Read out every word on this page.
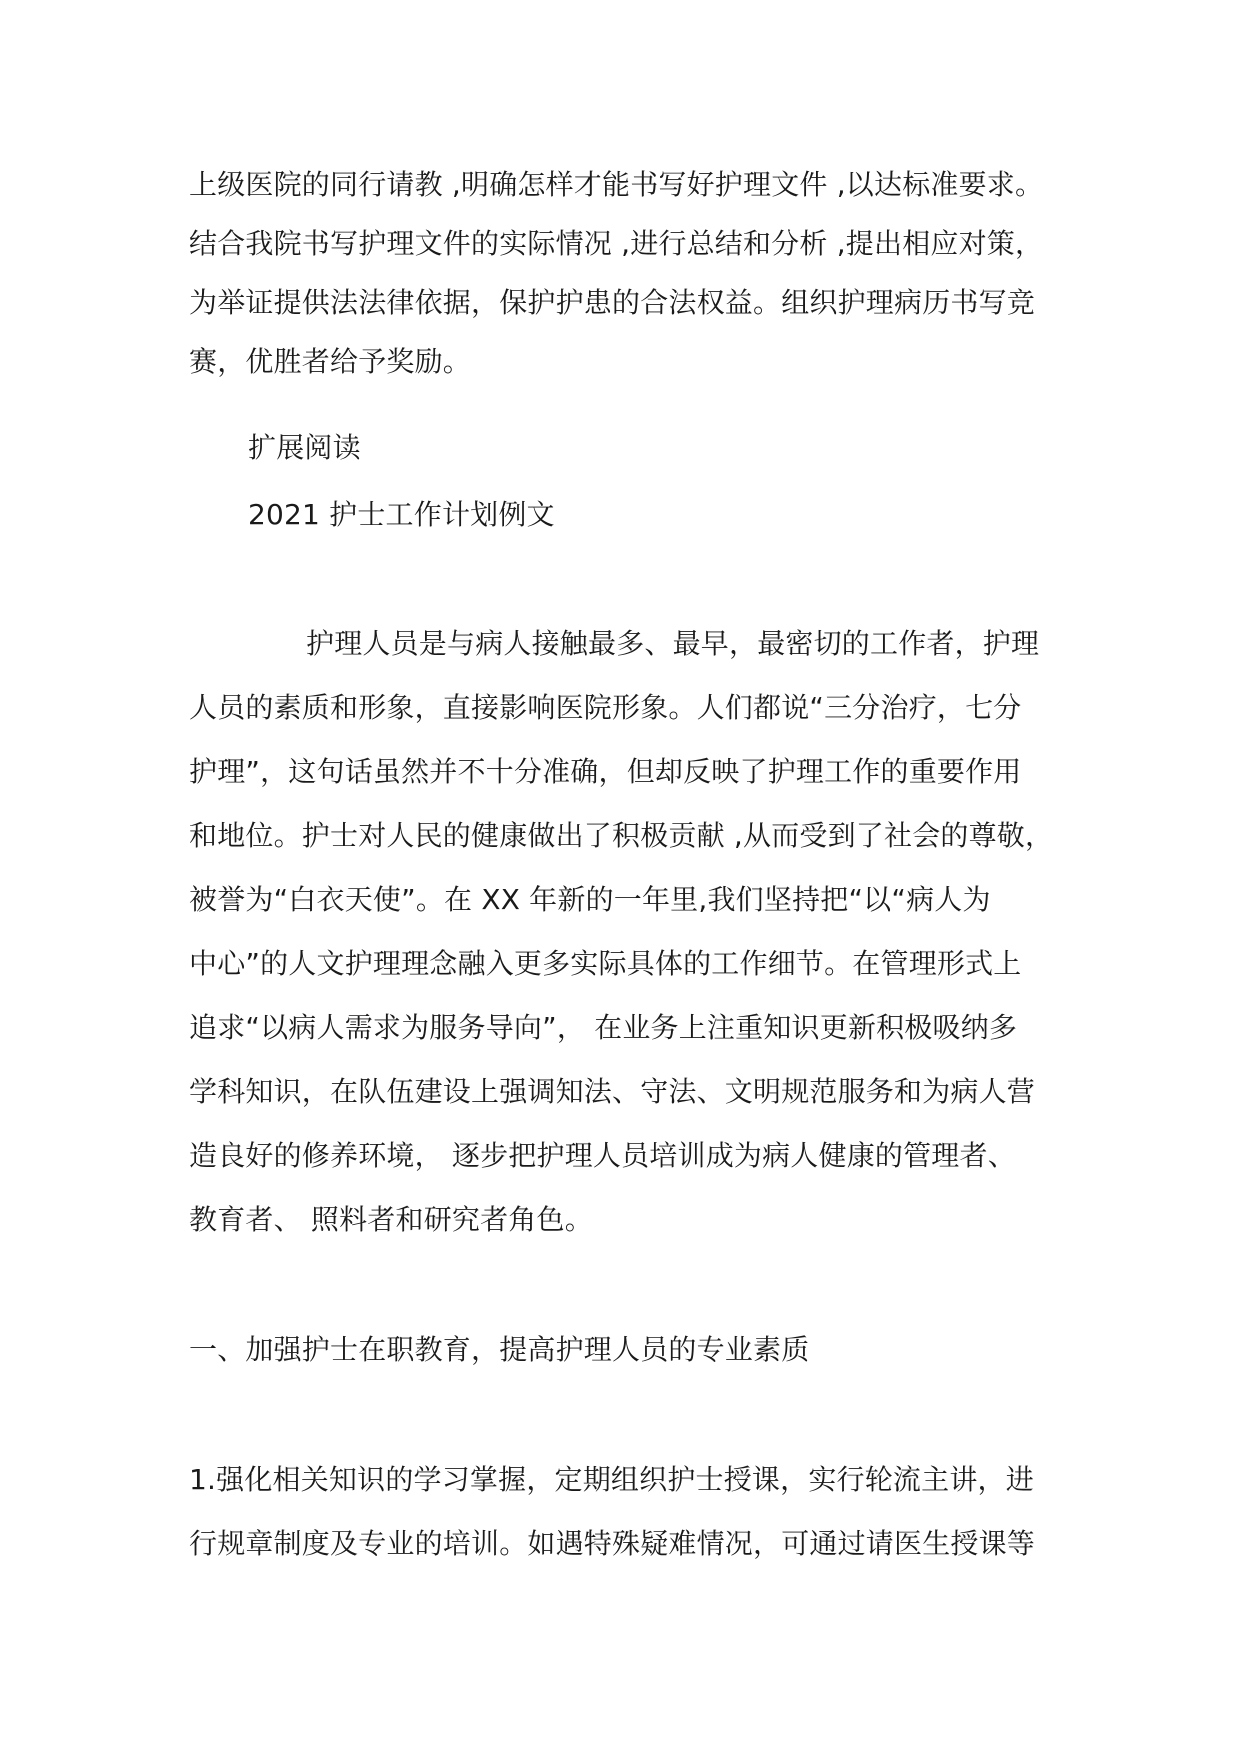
上级医院的同行请教 ,明确怎样才能书写好护理文件 ,以达标准要求。
结合我院书写护理文件的实际情况 ,进行总结和分析 ,提出相应对策，
为举证提供法法律依据，保护护患的合法权益。组织护理病历书写竞
赛，优胜者给予奖励。
扩展阅读
2021 护士工作计划例文
护理人员是与病人接触最多、最早，最密切的工作者，护理
人员的素质和形象，直接影响医院形象。人们都说“三分治疗，七分
护理”，这句话虽然并不十分准确，但却反映了护理工作的重要作用
和地位。护士对人民的健康做出了积极贡献 ,从而受到了社会的尊敬，
被誉为“白衣天使”。在 XX 年新的一年里,我们坚持把“以“病人为
中心”的人文护理理念融入更多实际具体的工作细节。在管理形式上
追求“以病人需求为服务导向”， 在业务上注重知识更新积极吸纳多
学科知识，在队伍建设上强调知法、守法、文明规范服务和为病人营
造良好的修养环境， 逐步把护理人员培训成为病人健康的管理者、
教育者、 照料者和研究者角色。
一、加强护士在职教育，提高护理人员的专业素质
1.强化相关知识的学习掌握，定期组织护士授课，实行轮流主讲，进
行规章制度及专业的培训。如遇特殊疑难情况，可通过请医生授课等
